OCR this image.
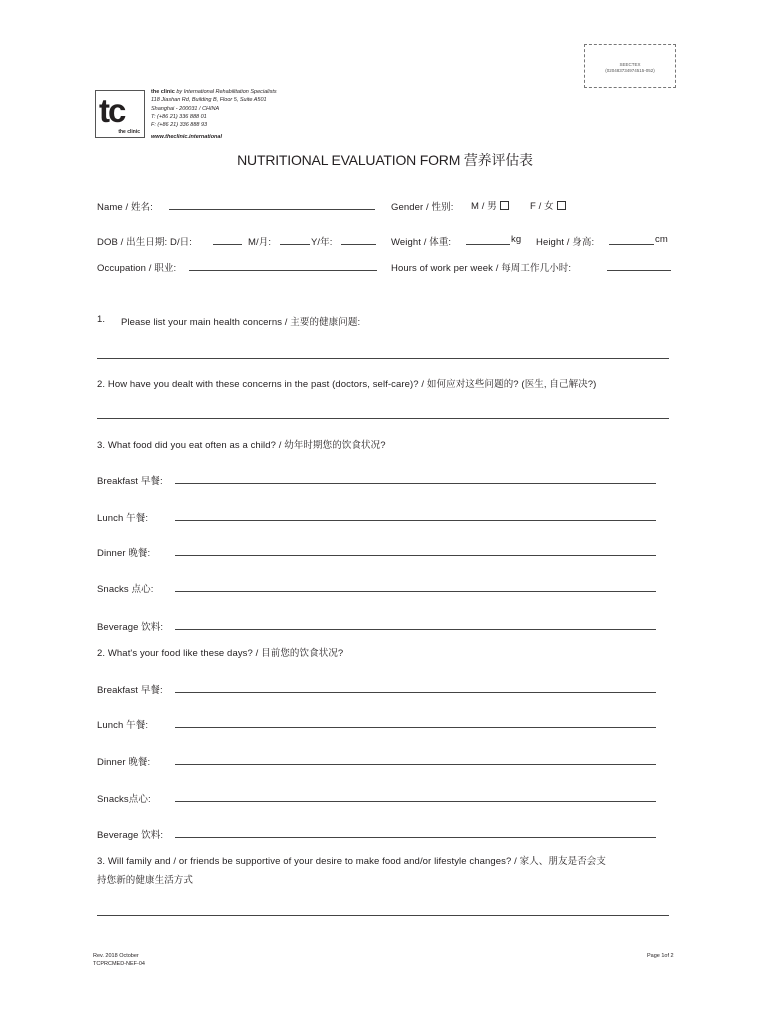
SEECTEX
(020483734974515-052)
tc
the clinic
the clinic by International Rehabilitation Specialists
118 Jiashan Rd, Building B, Floor 5, Suite A501
Shanghai - 200031 / CHINA
T: (+86 21) 336 888 01
F: (+86 21) 336 888 93
www.theclinic.international
NUTRITIONAL EVALUATION FORM 营养评估表
Name / 姓名:	Gender / 性别: M / 男	F / 女
DOB / 出生日期: D/日:	M/月:	Y/年:	Weight / 体重:	kg Height / 身高:	cm
Occupation / 职业:	Hours of work per week / 每周工作几小时:
1. Please list your main health concerns / 主要的健康问题:
2. How have you dealt with these concerns in the past (doctors, self-care)? / 如何应对这些问题的? (医生, 自己解决?)
3. What food did you eat often as a child? / 幼年时期您的饮食状况?
Breakfast 早餐:
Lunch 午餐:
Dinner 晚餐:
Snacks 点心:
Beverage 饮料:
2. What's your food like these days? / 目前您的饮食状况?
Breakfast 早餐:
Lunch 午餐:
Dinner 晚餐:
Snacks点心:
Beverage 饮料:
3. Will family and / or friends be supportive of your desire to make food and/or lifestyle changes? / 家人、朋友是否会支
持您新的健康生活方式
Rev. 2018 October
TCPRCMED-NEF-04
Page 1of 2
